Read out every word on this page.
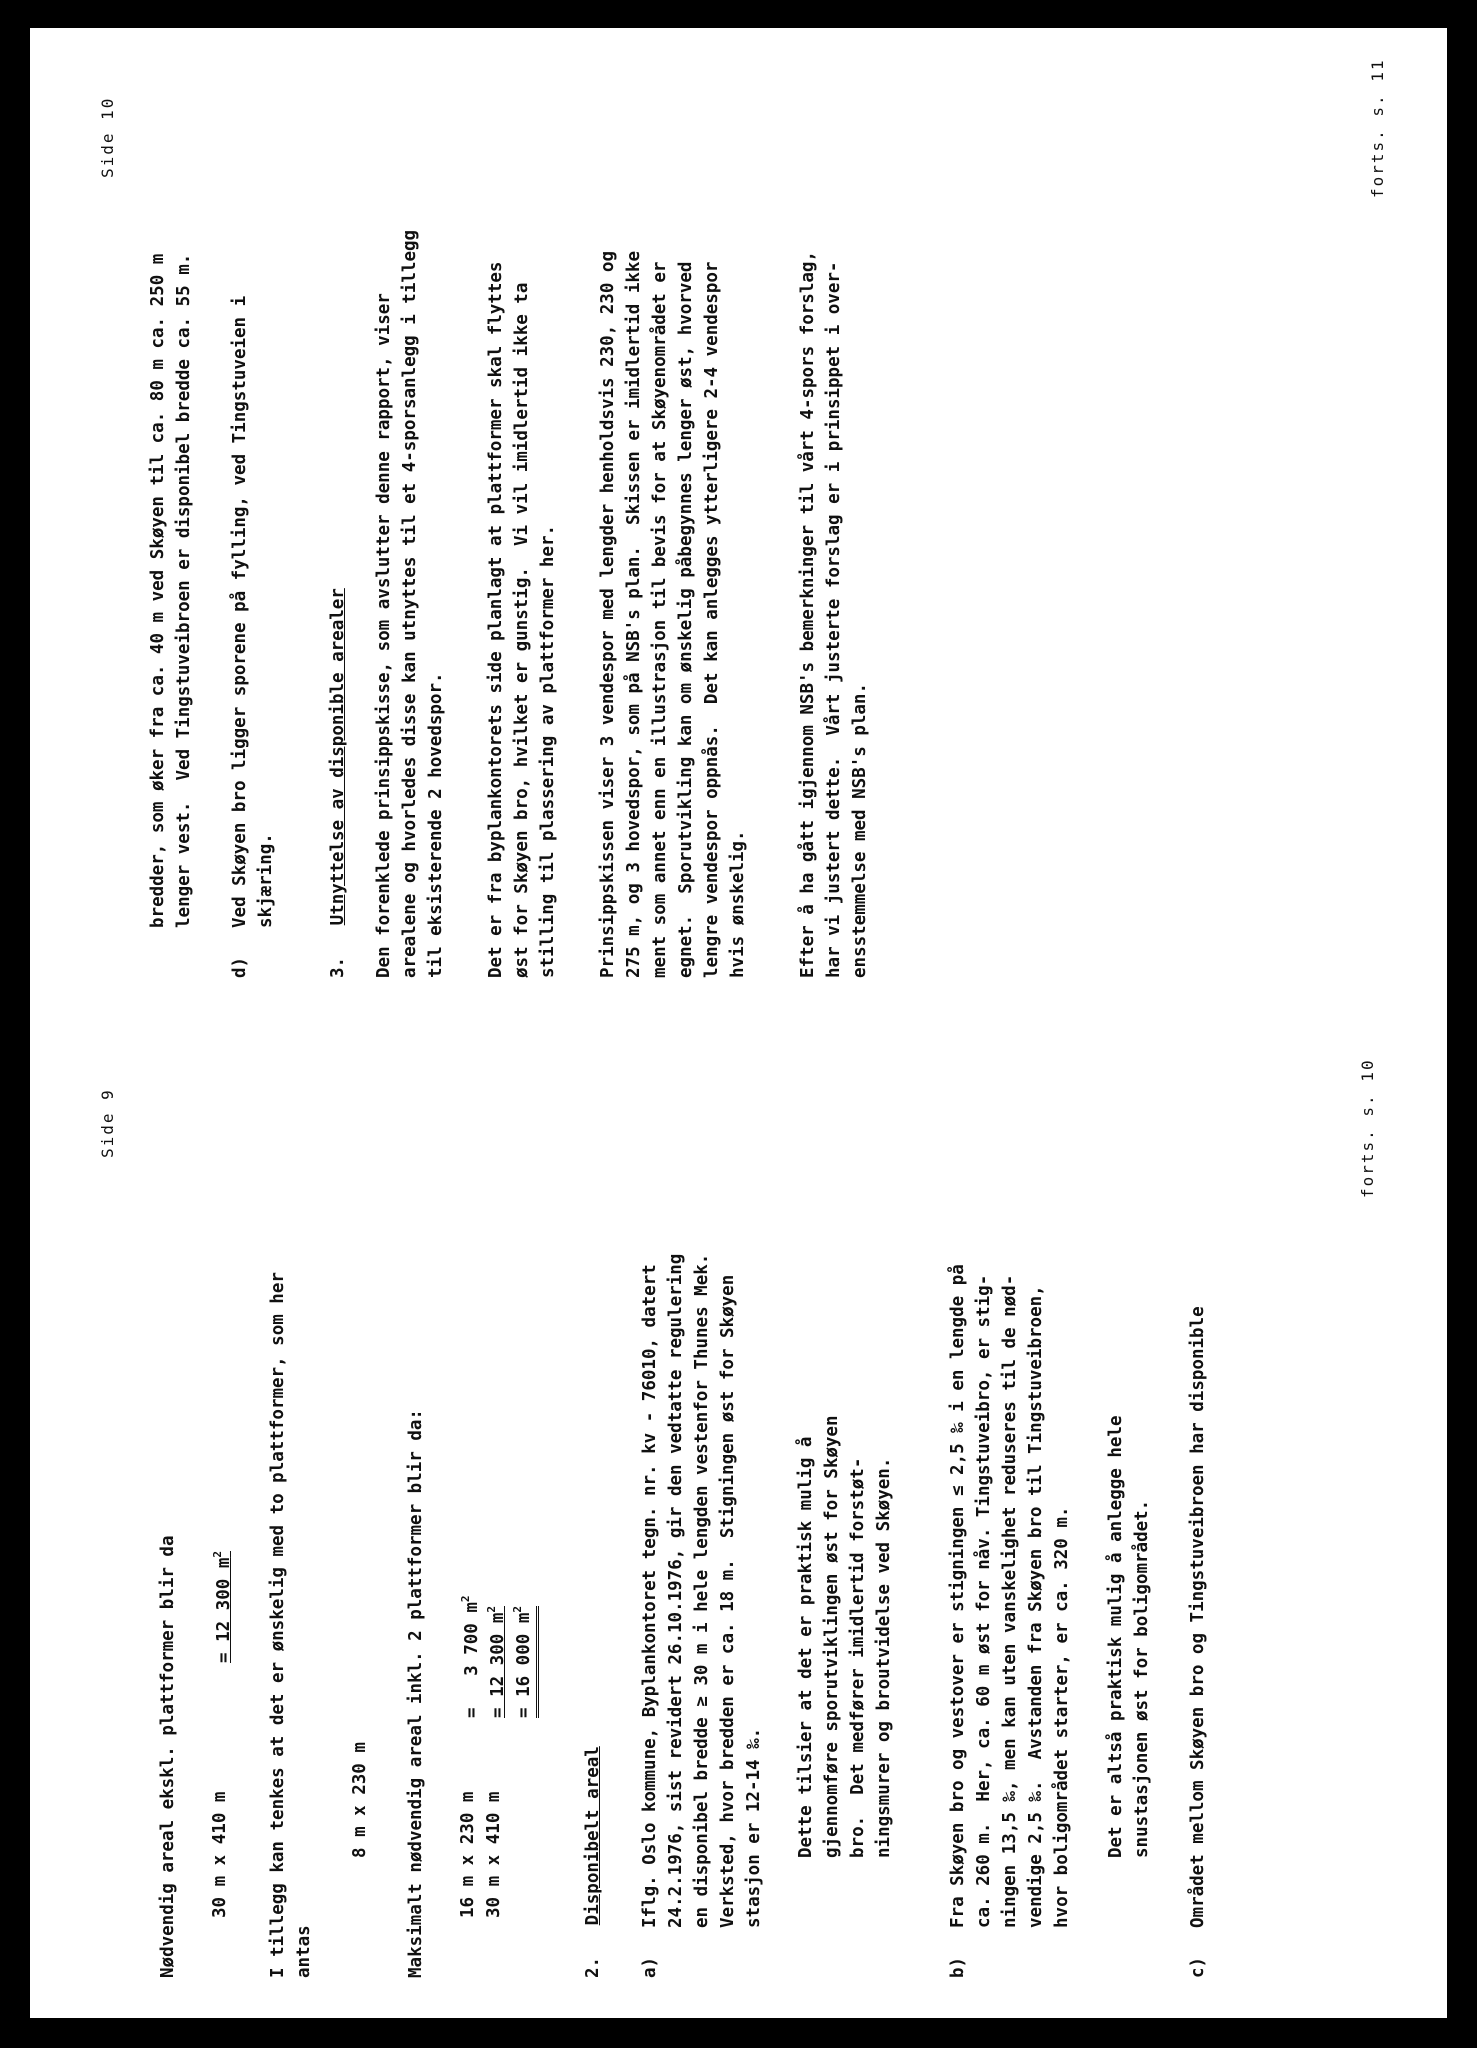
Side 9
Nødvendig areal ekskl. plattformer blir da 30 m x 410 m
= 12 300 $m^2$	I tillegg kan tenkes at det er ønskelig med to plattformer, som her antas
8 m x 230 m Maksimalt nødvendig areal inkl. 2 plattformer blir da: 16 m x 230 m
=   3 700 $m^2$
30 m x 410 m
= 12 300 $m^2$
= 16 000 $m^2$
2.   Disponibelt areal
a)
Iflg. Oslo kommune, Byplankontoret tegn. nr. kv - 76010, datert 24.2.1976, sist revidert 26.10.1976, gir den vedtatte regulering en disponibel bredde ≥ 30 m i hele lengden vestenfor Thunes Mek. Verksted, hvor bredden er ca. 18 m.  Stigningen øst for Skøyen stasjon er 12-14 ‰. Dette tilsier at det er praktisk mulig å gjennomføre sporutviklingen øst for Skøyen bro.  Det medfører imidlertid forstøt- ningsmurer og broutvidelse ved Skøyen.
b)
Fra Skøyen bro og vestover er stigningen ≤ 2,5 ‰ i en lengde på ca. 260 m.  Her, ca. 60 m øst for nåv. Tingstuveibro, er stig- ningen 13,5 ‰, men kan uten vanskelighet reduseres til de nød- vendige 2,5 ‰.  Avstanden fra Skøyen bro til Tingstuveibroen, hvor boligområdet starter, er ca. 320 m. Det er altså praktisk mulig å anlegge hele snustasjonen øst for boligområdet.
c)
Området mellom Skøyen bro og Tingstuveibroen har disponible
forts. s. 10
Side 10
bredder, som øker fra ca. 40 m ved Skøyen til ca. 80 m ca. 250 m lenger vest.  Ved Tingstuveibroen er disponibel bredde ca. 55 m.
d)
Ved Skøyen bro ligger sporene på fylling, ved Tingstuveien i skjæring.
3.   Utnyttelse av disponible arealer Den forenklede prinsippskisse, som avslutter denne rapport, viser arealene og hvorledes disse kan utnyttes til et 4-sporsanlegg i tillegg til eksisterende 2 hovedspor. Det er fra byplankontorets side planlagt at plattformer skal flyttes øst for Skøyen bro, hvilket er gunstig.  Vi vil imidlertid ikke ta stilling til plassering av plattformer her. Prinsippskissen viser 3 vendespor med lengder henholdsvis 230, 230 og 275 m, og 3 hovedspor, som på NSB's plan.  Skissen er imidlertid ikke ment som annet enn en illustrasjon til bevis for at Skøyenområdet er egnet.  Sporutvikling kan om ønskelig påbegynnes lenger øst, hvorved lengre vendespor oppnås.  Det kan anlegges ytterligere 2-4 vendespor hvis ønskelig.	Efter å ha gått igjennom NSB's bemerkninger til vårt 4-spors forslag, har vi justert dette.  Vårt justerte forslag er i prinsippet i over- ensstemmelse med NSB's plan.
forts. s. 11
